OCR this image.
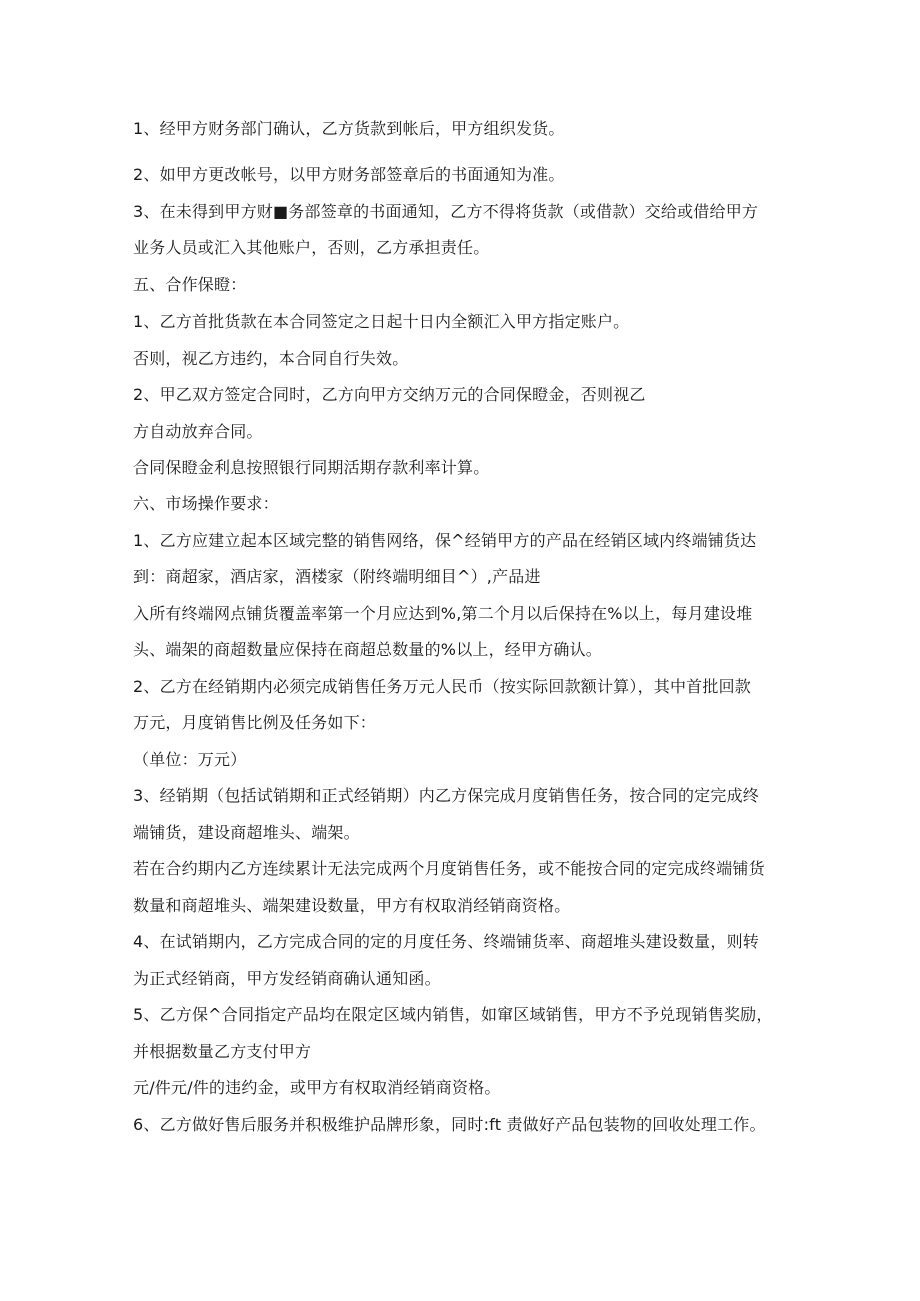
1、经甲方财务部门确认，乙方货款到帐后，甲方组织发货。
2、如甲方更改帐号，以甲方财务部签章后的书面通知为准。
3、在未得到甲方财■务部签章的书面通知，乙方不得将货款（或借款）交给或借给甲方
业务人员或汇入其他账户，否则，乙方承担责任。
五、合作保瞪：
1、乙方首批货款在本合同签定之日起十日内全额汇入甲方指定账户。
否则，视乙方违约，本合同自行失效。
2、甲乙双方签定合同时，乙方向甲方交纳万元的合同保瞪金，否则视乙
方自动放弃合同。
合同保瞪金利息按照银行同期活期存款利率计算。
六、市场操作要求：
1、乙方应建立起本区域完整的销售网络，保^经销甲方的产品在经销区域内终端铺货达
到：商超家，酒店家，酒楼家（附终端明细目^）,产品进
入所有终端网点铺货覆盖率第一个月应达到%,第二个月以后保持在%以上，每月建设堆
头、端架的商超数量应保持在商超总数量的%以上，经甲方确认。
2、乙方在经销期内必须完成销售任务万元人民币（按实际回款额计算），其中首批回款
万元，月度销售比例及任务如下：
（单位：万元）
3、经销期（包括试销期和正式经销期）内乙方保完成月度销售任务，按合同的定完成终
端铺货，建设商超堆头、端架。
若在合约期内乙方连续累计无法完成两个月度销售任务，或不能按合同的定完成终端铺货
数量和商超堆头、端架建设数量，甲方有权取消经销商资格。
4、在试销期内，乙方完成合同的定的月度任务、终端铺货率、商超堆头建设数量，则转
为正式经销商，甲方发经销商确认通知函。
5、乙方保^合同指定产品均在限定区域内销售，如窜区域销售，甲方不予兑现销售奖励，
并根据数量乙方支付甲方
元/件元/件的违约金，或甲方有权取消经销商资格。
6、乙方做好售后服务并积极维护品牌形象，同时:ft 责做好产品包装物的回收处理工作。
